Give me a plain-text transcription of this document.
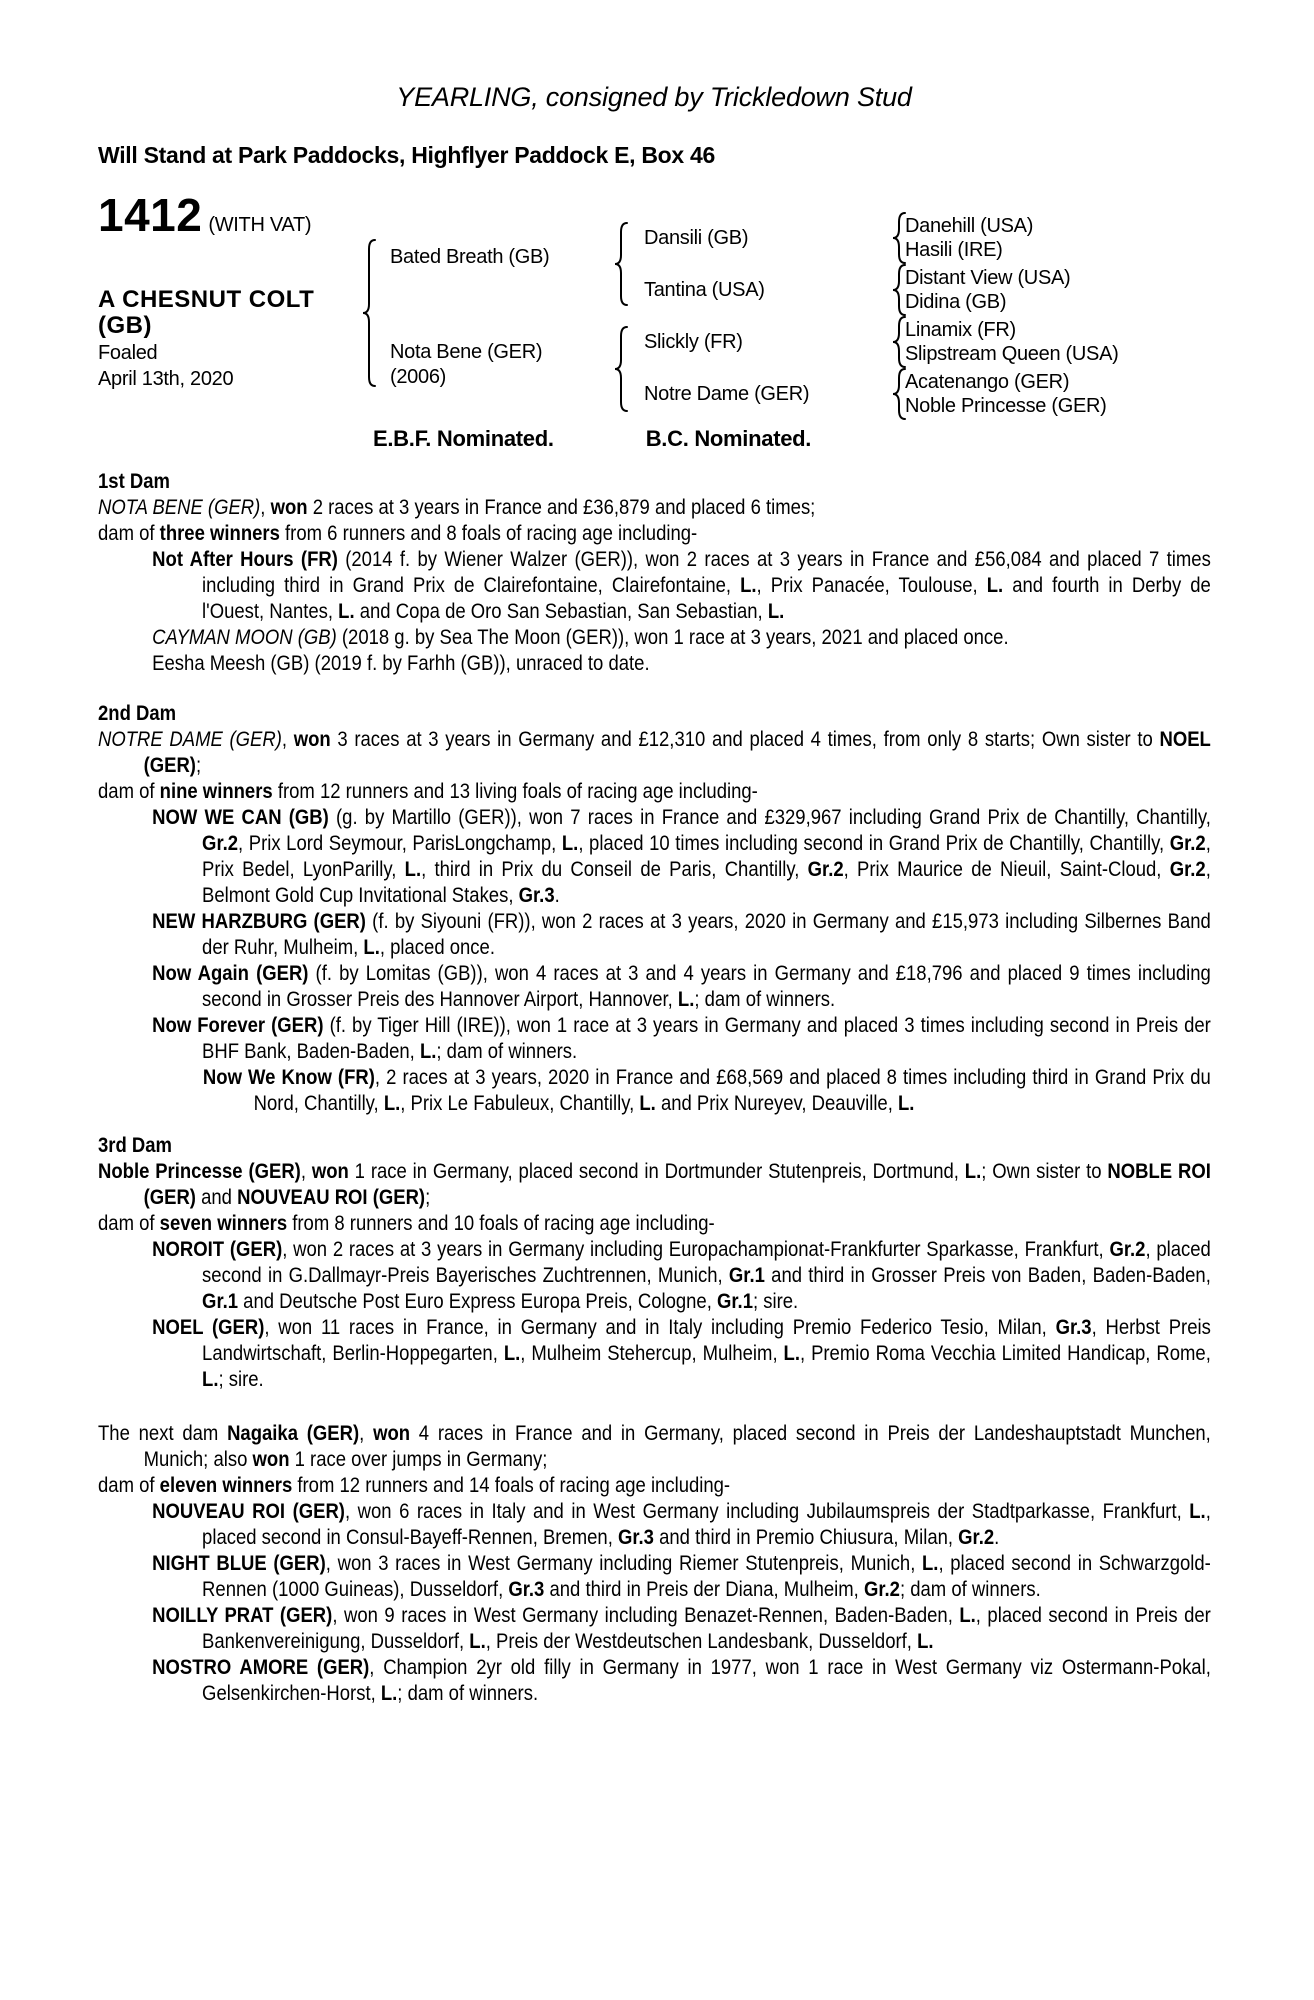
YEARLING, consigned by Trickledown Stud
Will Stand at Park Paddocks, Highflyer Paddock E, Box 46
1412 (WITH VAT)
A CHESNUT COLT
(GB)
Foaled
April 13th, 2020
Bated Breath (GB)
Nota Bene (GER)
(2006)
Dansili (GB)
Tantina (USA)
Slickly (FR)
Notre Dame (GER)
Danehill (USA)
Hasili (IRE)
Distant View (USA)
Didina (GB)
Linamix (FR)
Slipstream Queen (USA)
Acatenango (GER)
Noble Princesse (GER)
E.B.F. Nominated.	B.C. Nominated.

1st Dam

NOTA BENE (GER), won 2 races at 3 years in France and £36,879 and placed 6 times;

dam of three winners from 6 runners and 8 foals of racing age including-

Not After Hours (FR) (2014 f. by Wiener Walzer (GER)), won 2 races at 3 years in France and £56,084 and placed 7 times including third in Grand Prix de Clairefontaine, Clairefontaine, L., Prix Panacée, Toulouse, L. and fourth in Derby de l'Ouest, Nantes, L. and Copa de Oro San Sebastian, San Sebastian, L.

CAYMAN MOON (GB) (2018 g. by Sea The Moon (GER)), won 1 race at 3 years, 2021 and placed once.

Eesha Meesh (GB) (2019 f. by Farhh (GB)), unraced to date.

2nd Dam

NOTRE DAME (GER), won 3 races at 3 years in Germany and £12,310 and placed 4 times, from only 8 starts; Own sister to NOEL (GER);

dam of nine winners from 12 runners and 13 living foals of racing age including-

NOW WE CAN (GB) (g. by Martillo (GER)), won 7 races in France and £329,967 including Grand Prix de Chantilly, Chantilly, Gr.2, Prix Lord Seymour, ParisLongchamp, L., placed 10 times including second in Grand Prix de Chantilly, Chantilly, Gr.2, Prix Bedel, LyonParilly, L., third in Prix du Conseil de Paris, Chantilly, Gr.2, Prix Maurice de Nieuil, Saint-Cloud, Gr.2, Belmont Gold Cup Invitational Stakes, Gr.3.

NEW HARZBURG (GER) (f. by Siyouni (FR)), won 2 races at 3 years, 2020 in Germany and £15,973 including Silbernes Band der Ruhr, Mulheim, L., placed once.

Now Again (GER) (f. by Lomitas (GB)), won 4 races at 3 and 4 years in Germany and £18,796 and placed 9 times including second in Grosser Preis des Hannover Airport, Hannover, L.; dam of winners.

Now Forever (GER) (f. by Tiger Hill (IRE)), won 1 race at 3 years in Germany and placed 3 times including second in Preis der BHF Bank, Baden-Baden, L.; dam of winners.

Now We Know (FR), 2 races at 3 years, 2020 in France and £68,569 and placed 8 times including third in Grand Prix du Nord, Chantilly, L., Prix Le Fabuleux, Chantilly, L. and Prix Nureyev, Deauville, L.

3rd Dam

Noble Princesse (GER), won 1 race in Germany, placed second in Dortmunder Stutenpreis, Dortmund, L.; Own sister to NOBLE ROI (GER) and NOUVEAU ROI (GER);

dam of seven winners from 8 runners and 10 foals of racing age including-

NOROIT (GER), won 2 races at 3 years in Germany including Europachampionat-Frankfurter Sparkasse, Frankfurt, Gr.2, placed second in G.Dallmayr-Preis Bayerisches Zuchtrennen, Munich, Gr.1 and third in Grosser Preis von Baden, Baden-Baden, Gr.1 and Deutsche Post Euro Express Europa Preis, Cologne, Gr.1; sire.

NOEL (GER), won 11 races in France, in Germany and in Italy including Premio Federico Tesio, Milan, Gr.3, Herbst Preis Landwirtschaft, Berlin-Hoppegarten, L., Mulheim Stehercup, Mulheim, L., Premio Roma Vecchia Limited Handicap, Rome, L.; sire.

The next dam Nagaika (GER), won 4 races in France and in Germany, placed second in Preis der Landeshauptstadt Munchen, Munich; also won 1 race over jumps in Germany;

dam of eleven winners from 12 runners and 14 foals of racing age including-

NOUVEAU ROI (GER), won 6 races in Italy and in West Germany including Jubilaumspreis der Stadtparkasse, Frankfurt, L., placed second in Consul-Bayeff-Rennen, Bremen, Gr.3 and third in Premio Chiusura, Milan, Gr.2.

NIGHT BLUE (GER), won 3 races in West Germany including Riemer Stutenpreis, Munich, L., placed second in Schwarzgold-Rennen (1000 Guineas), Dusseldorf, Gr.3 and third in Preis der Diana, Mulheim, Gr.2; dam of winners.

NOILLY PRAT (GER), won 9 races in West Germany including Benazet-Rennen, Baden-Baden, L., placed second in Preis der Bankenvereinigung, Dusseldorf, L., Preis der Westdeutschen Landesbank, Dusseldorf, L.

NOSTRO AMORE (GER), Champion 2yr old filly in Germany in 1977, won 1 race in West Germany viz Ostermann-Pokal, Gelsenkirchen-Horst, L.; dam of winners.
